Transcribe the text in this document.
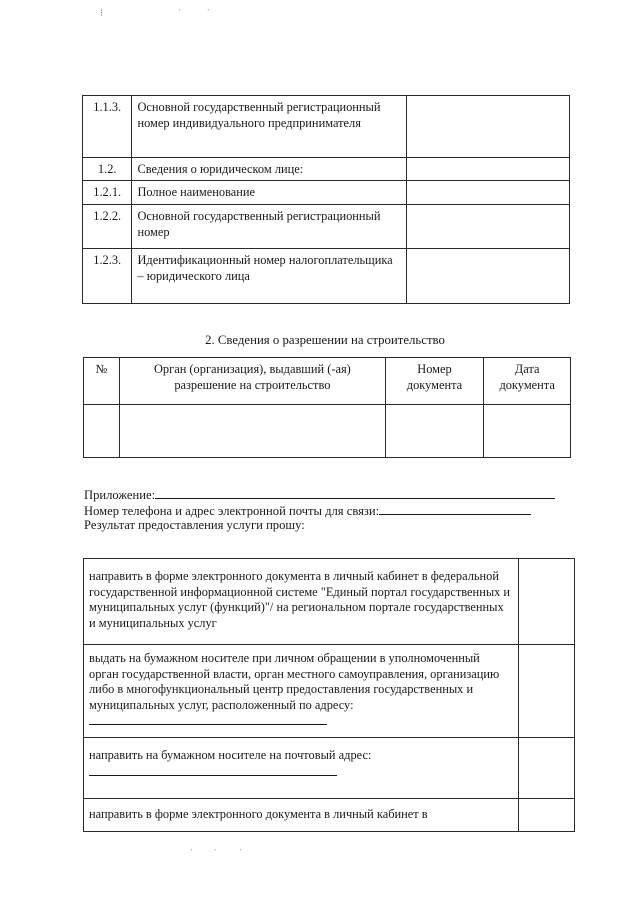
⁝                              ˈ          ˈ
1.1.3.	Основной государственный регистрационный номер индивидуального предпринимателя	
1.2.	Сведения о юридическом лице:	
1.2.1.	Полное наименование	
1.2.2.	Основной государственный регистрационный номер	
1.2.3.	Идентификационный номер налогоплательщика – юридического лица	
2. Сведения о разрешении на строительство
№	Орган (организация), выдавший (-ая) разрешение на строительство	Номер документа	Дата документа

Приложение:
Номер телефона и адрес электронной почты для связи:
Результат предоставления услуги прошу:
направить в форме электронного документа в личный кабинет в федеральной государственной информационной системе "Единый портал государственных и муниципальных услуг (функций)"/ на региональном портале государственных и муниципальных услуг	
выдать на бумажном носителе при личном обращении в уполномоченный орган государственной власти, орган местного самоуправления, организацию либо в многофункциональный центр предоставления государственных и муниципальных услуг, расположенный по адресу:	
направить на бумажном носителе на почтовый адрес:	
направить в форме электронного документа в личный кабинет в	
ˈ        ˈ         ˈ
